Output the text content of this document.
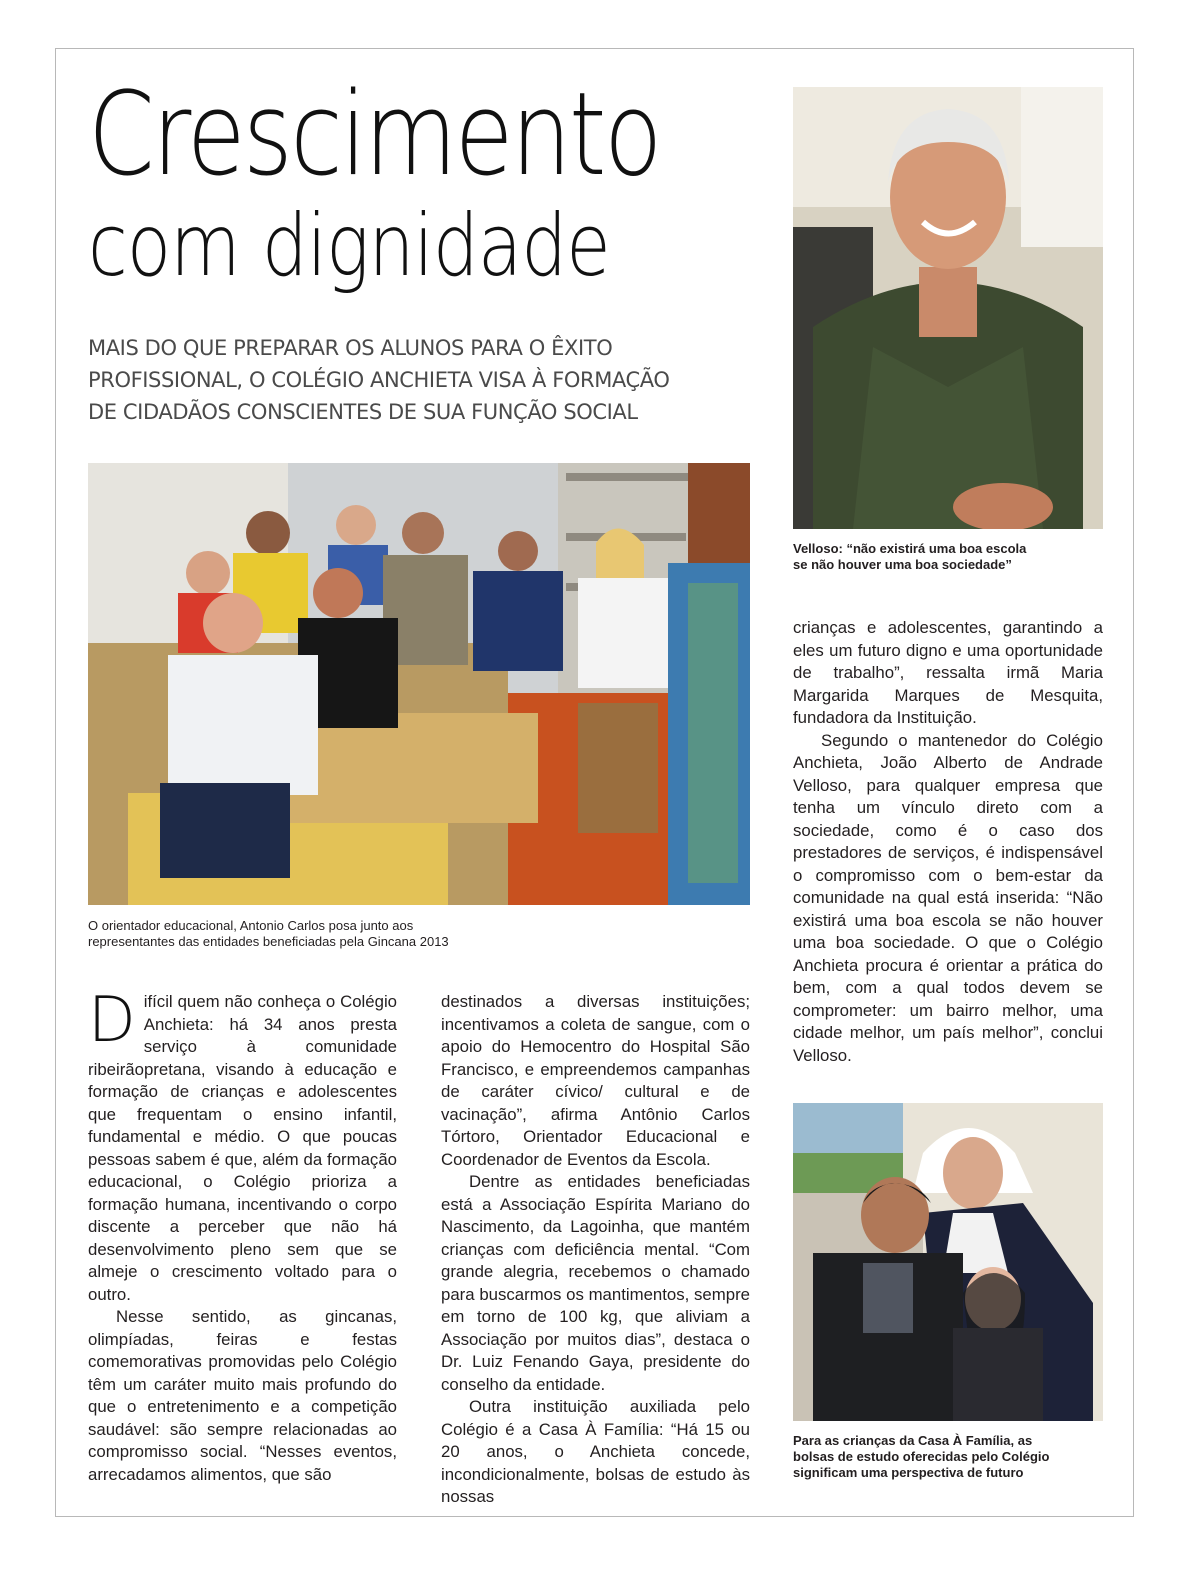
Crescimento
com dignidade
MAIS DO QUE PREPARAR OS ALUNOS PARA O ÊXITO
PROFISSIONAL, O COLÉGIO ANCHIETA VISA À FORMAÇÃO
DE CIDADÃOS CONSCIENTES DE SUA FUNÇÃO SOCIAL
O orientador educacional, Antonio Carlos posa junto aos
representantes das entidades beneficiadas pela Gincana 2013
Velloso: “não existirá uma boa escola
se não houver uma boa sociedade”
Para as crianças da Casa À Família, as
bolsas de estudo oferecidas pelo Colégio
significam uma perspectiva de futuro

Difícil quem não conheça o Colégio Anchieta: há 34 anos presta serviço à comunidade ribeirãopretana, visando à educação e formação de crianças e adolescentes que frequentam o ensino infantil, fundamental e médio. O que poucas pessoas sabem é que, além da formação educacional, o Colégio prioriza a formação humana, incentivando o corpo discente a perceber que não há desenvolvimento pleno sem que se almeje o crescimento voltado para o outro.

Nesse sentido, as gincanas, olimpíadas, feiras e festas comemorativas promovidas pelo Colégio têm um caráter muito mais profundo do que o entretenimento e a competição saudável: são sempre relacionadas ao compromisso social. “Nesses eventos, arrecadamos alimentos, que são

destinados a diversas instituições; incentivamos a coleta de sangue, com o apoio do Hemocentro do Hospital São Francisco, e empreendemos campanhas de caráter cívico/ cultural e de vacinação”, afirma Antônio Carlos Tórtoro, Orientador Educacional e Coordenador de Eventos da Escola.

Dentre as entidades beneficiadas está a Associação Espírita Mariano do Nascimento, da Lagoinha, que mantém crianças com deficiência mental. “Com grande alegria, recebemos o chamado para buscarmos os mantimentos, sempre em torno de 100 kg, que aliviam a Associação por muitos dias”, destaca o Dr. Luiz Fenando Gaya, presidente do conselho da entidade.

Outra instituição auxiliada pelo Colégio é a Casa À Família: “Há 15 ou 20 anos, o Anchieta concede, incondicionalmente, bolsas de estudo às nossas

crianças e adolescentes, garantindo a eles um futuro digno e uma oportunidade de trabalho”, ressalta irmã Maria Margarida Marques de Mesquita, fundadora da Instituição.

Segundo o mantenedor do Colégio Anchieta, João Alberto de Andrade Velloso, para qualquer empresa que tenha um vínculo direto com a sociedade, como é o caso dos prestadores de serviços, é indispensável o compromisso com o bem-estar da comunidade na qual está inserida: “Não existirá uma boa escola se não houver uma boa sociedade. O que o Colégio Anchieta procura é orientar a prática do bem, com a qual todos devem se comprometer: um bairro melhor, uma cidade melhor, um país melhor”, conclui Velloso.
